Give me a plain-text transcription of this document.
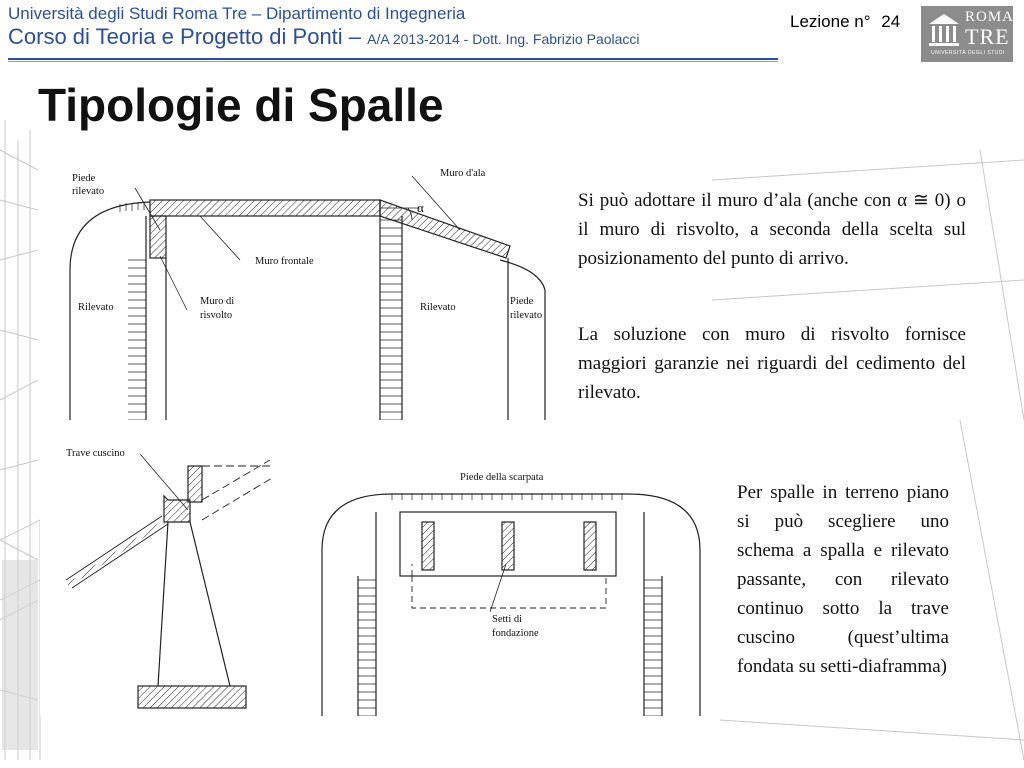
Università degli Studi Roma Tre – Dipartimento di Ingegneria
Corso di Teoria e Progetto di Ponti – A/A 2013-2014 - Dott. Ing. Fabrizio Paolacci
Lezione n° 24	ROMA
TRE
UNIVERSITÀ DEGLI STUDI
Tipologie di Spalle
Piede
rilevato
Muro d'ala
α
Muro frontale
Muro di
risvolto
Rilevato	Rilevato
Piede
rilevato
Trave cuscino
Piede della scarpata
Setti di
fondazione
Si può adottare il muro d’ala (anche con α ≅ 0) o il muro di risvolto, a seconda della scelta sul posizionamento del punto di arrivo.
La soluzione con muro di risvolto fornisce maggiori garanzie nei riguardi del cedimento del rilevato.
Per spalle in terreno piano si può scegliere uno schema a spalla e rilevato passante, con rilevato continuo sotto la trave cuscino (quest’ultima fondata su setti-diaframma)
